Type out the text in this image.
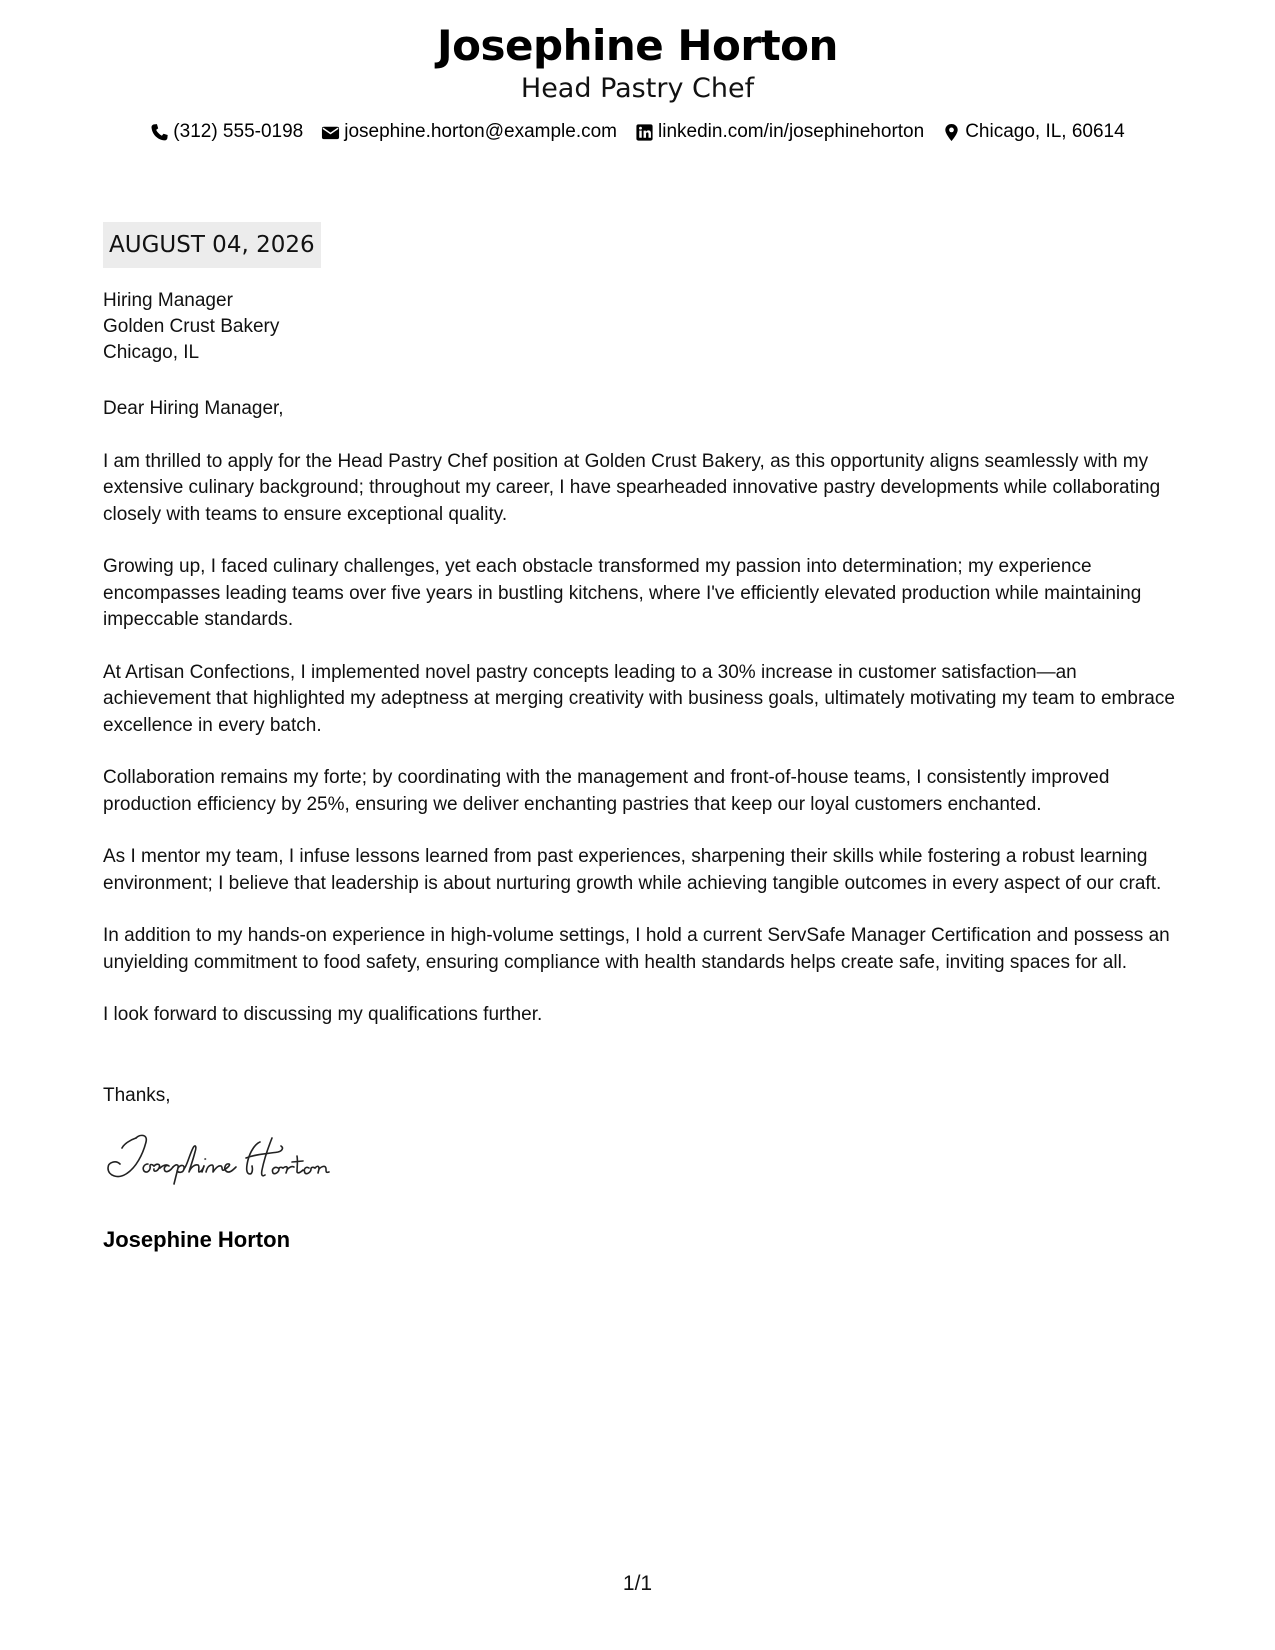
Josephine Horton
Head Pastry Chef
(312) 555-0198 josephine.horton@example.com linkedin.com/in/josephinehorton Chicago, IL, 60614
AUGUST 04, 2026
Hiring Manager
Golden Crust Bakery
Chicago, IL

Dear Hiring Manager,

I am thrilled to apply for the Head Pastry Chef position at Golden Crust Bakery, as this opportunity aligns seamlessly with my extensive culinary background; throughout my career, I have spearheaded innovative pastry developments while collaborating closely with teams to ensure exceptional quality.

Growing up, I faced culinary challenges, yet each obstacle transformed my passion into determination; my experience encompasses leading teams over five years in bustling kitchens, where I've efficiently elevated production while maintaining impeccable standards.

At Artisan Confections, I implemented novel pastry concepts leading to a 30% increase in customer satisfaction—an achievement that highlighted my adeptness at merging creativity with business goals, ultimately motivating my team to embrace excellence in every batch.

Collaboration remains my forte; by coordinating with the management and front-of-house teams, I consistently improved production efficiency by 25%, ensuring we deliver enchanting pastries that keep our loyal customers enchanted.

As I mentor my team, I infuse lessons learned from past experiences, sharpening their skills while fostering a robust learning environment; I believe that leadership is about nurturing growth while achieving tangible outcomes in every aspect of our craft.

In addition to my hands-on experience in high-volume settings, I hold a current ServSafe Manager Certification and possess an unyielding commitment to food safety, ensuring compliance with health standards helps create safe, inviting spaces for all.

I look forward to discussing my qualifications further.

Thanks,
Josephine Horton
1/1
